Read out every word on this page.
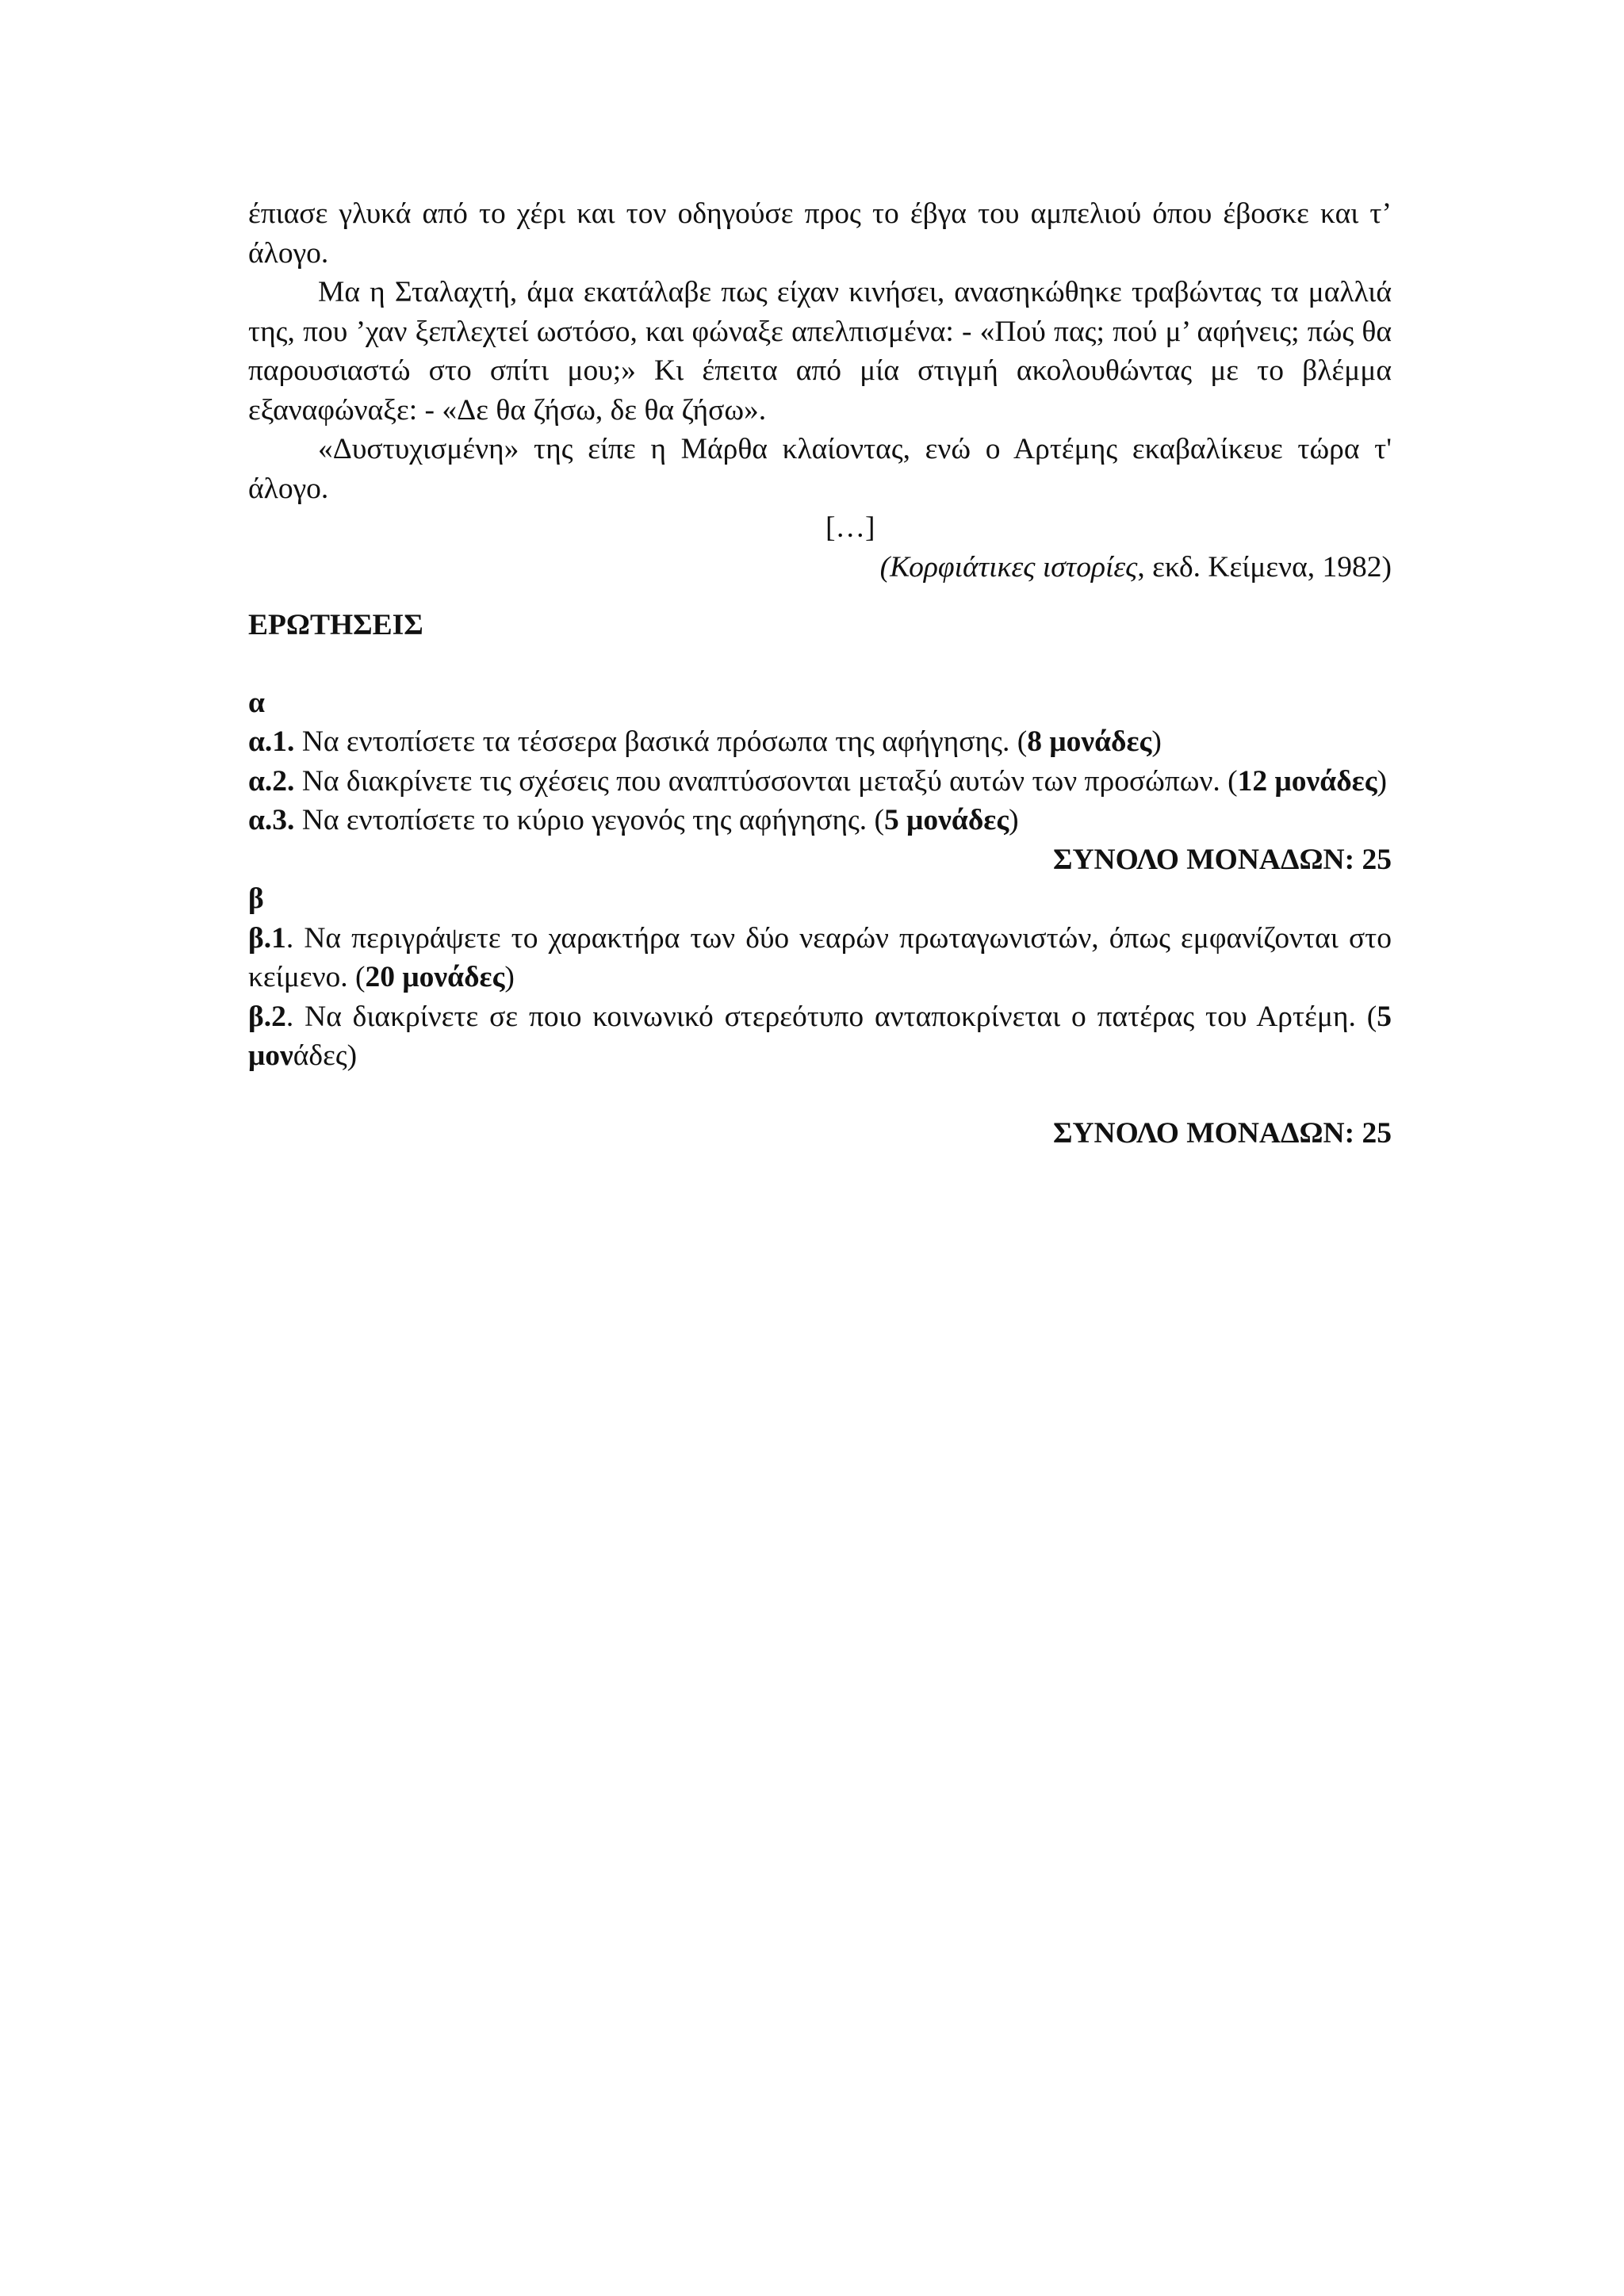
έπιασε γλυκά από το χέρι και τον οδηγούσε προς το έβγα του αμπελιού όπου έβοσκε και τ’ άλογο.

Μα η Σταλαχτή, άμα εκατάλαβε πως είχαν κινήσει, ανασηκώθηκε τραβώντας τα μαλλιά της, που ’χαν ξεπλεχτεί ωστόσο, και φώναξε απελπισμένα: - «Πού πας; πού μ’ αφήνεις; πώς θα παρουσιαστώ στο σπίτι μου;» Κι έπειτα από μία στιγμή ακολουθώντας με το βλέμμα εξαναφώναξε: - «Δε θα ζήσω, δε θα ζήσω».

«Δυστυχισμένη» της είπε η Μάρθα κλαίοντας, ενώ ο Αρτέμης εκαβαλίκευε τώρα τ' άλογο.

[…]

(Κορφιάτικες ιστορίες, εκδ. Κείμενα, 1982)

ΕΡΩΤΗΣΕΙΣ

α

α.1. Να εντοπίσετε τα τέσσερα βασικά πρόσωπα της αφήγησης. (8 μονάδες)

α.2. Να διακρίνετε τις σχέσεις που αναπτύσσονται μεταξύ αυτών των προσώπων. (12 μονάδες)

α.3. Να εντοπίσετε το κύριο γεγονός της αφήγησης. (5 μονάδες)

ΣΥΝΟΛΟ ΜΟΝΑΔΩΝ: 25

β

β.1. Να περιγράψετε το χαρακτήρα των δύο νεαρών πρωταγωνιστών, όπως εμφανίζονται στο κείμενο. (20 μονάδες)

β.2. Να διακρίνετε σε ποιο κοινωνικό στερεότυπο ανταποκρίνεται ο πατέρας του Αρτέμη. (5 μονάδες)

ΣΥΝΟΛΟ ΜΟΝΑΔΩΝ: 25
